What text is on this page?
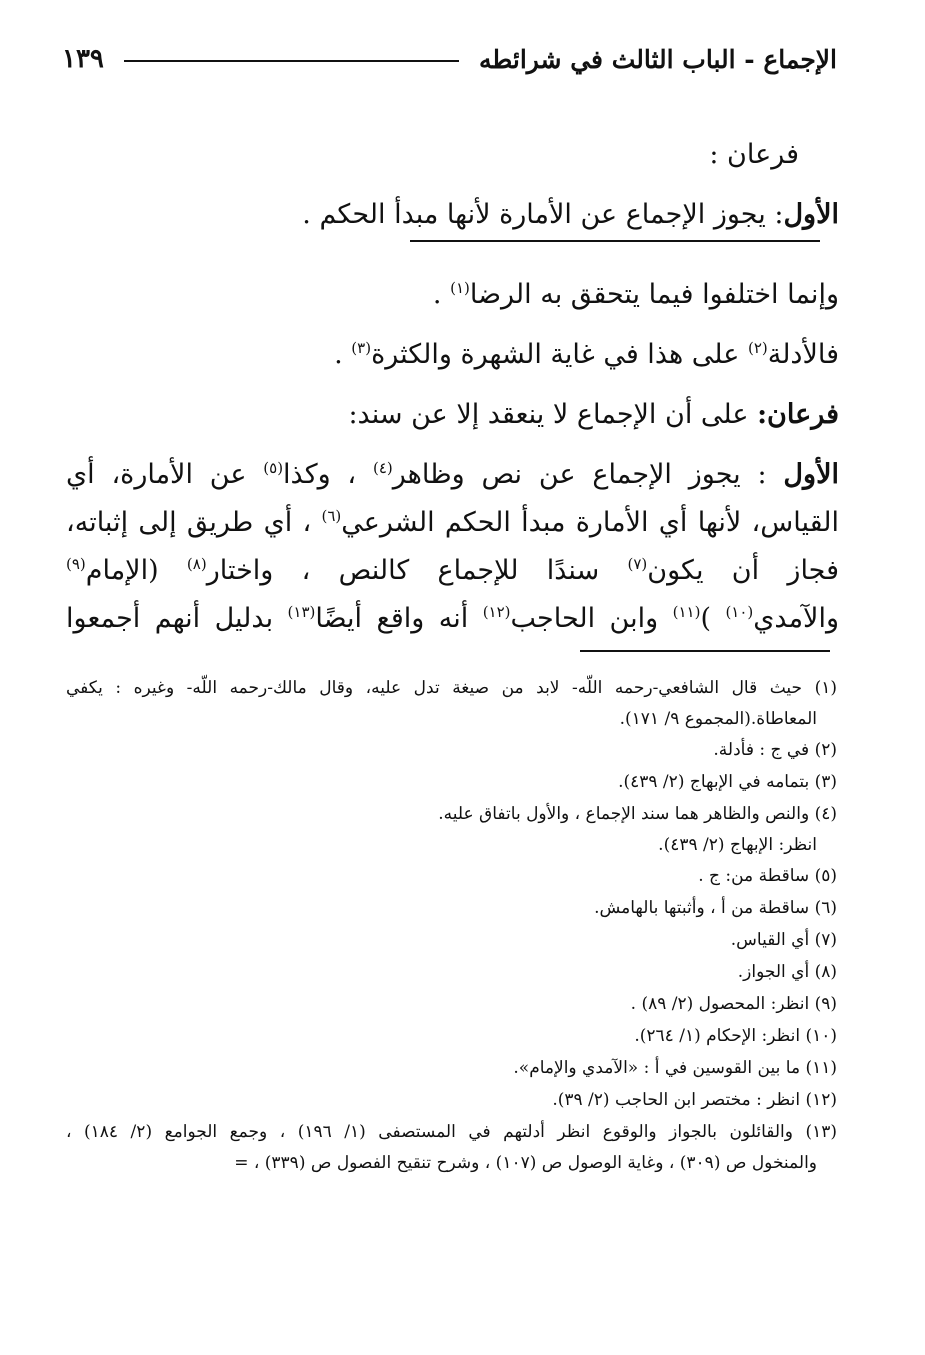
الإجماع - الباب الثالث في شرائطه
١٣٩
فرعان :
الأول: يجوز الإجماع عن الأمارة لأنها مبدأ الحكم .
وإنما اختلفوا فيما يتحقق به الرضا$^{(١)}$ .
فالأدلة$^{(٢)}$ على هذا في غاية الشهرة والكثرة$^{(٣)}$ .
فرعان: على أن الإجماع لا ينعقد إلا عن سند:
الأول : يجوز الإجماع عن نص وظاهر$^{(٤)}$ ، وكذا$^{(٥)}$ عن الأمارة، أي
القياس، لأنها أي الأمارة مبدأ الحكم الشرعي$^{(٦)}$ ، أي طريق إلى إثباته،
فجاز أن يكون$^{(٧)}$ سندًا للإجماع كالنص ، واختار$^{(٨)}$ (الإمام$^{(٩)}$
والآمدي$^{(١٠)}$ )$^{(١١)}$ وابن الحاجب$^{(١٢)}$ أنه واقع أيضًا$^{(١٣)}$ بدليل أنهم أجمعوا
(١) حيث قال الشافعي-رحمه اللّه- لابد من صيغة تدل عليه، وقال مالك-رحمه اللّه- وغيره : يكفي
المعاطاة.(المجموع ٩/ ١٧١).
(٢) في ج : فأدلة.
(٣) بتمامه في الإبهاج (٢/ ٤٣٩).
(٤) والنص والظاهر هما سند الإجماع ، والأول باتفاق عليه.
انظر: الإبهاج (٢/ ٤٣٩).
(٥) ساقطة من: ج .
(٦) ساقطة من أ ، وأثبتها بالهامش.
(٧) أي القياس.
(٨) أي الجواز.
(٩) انظر: المحصول (٢/ ٨٩) .
(١٠) انظر: الإحكام (١/ ٢٦٤).
(١١) ما بين القوسين في أ : «الآمدي والإمام».
(١٢) انظر : مختصر ابن الحاجب (٢/ ٣٩).
(١٣) والقائلون بالجواز والوقوع انظر أدلتهم في المستصفى (١/ ١٩٦) ، وجمع الجوامع (٢/ ١٨٤) ،
والمنخول ص (٣٠٩) ، وغاية الوصول ص (١٠٧) ، وشرح تنقيح الفصول ص (٣٣٩) ، =
